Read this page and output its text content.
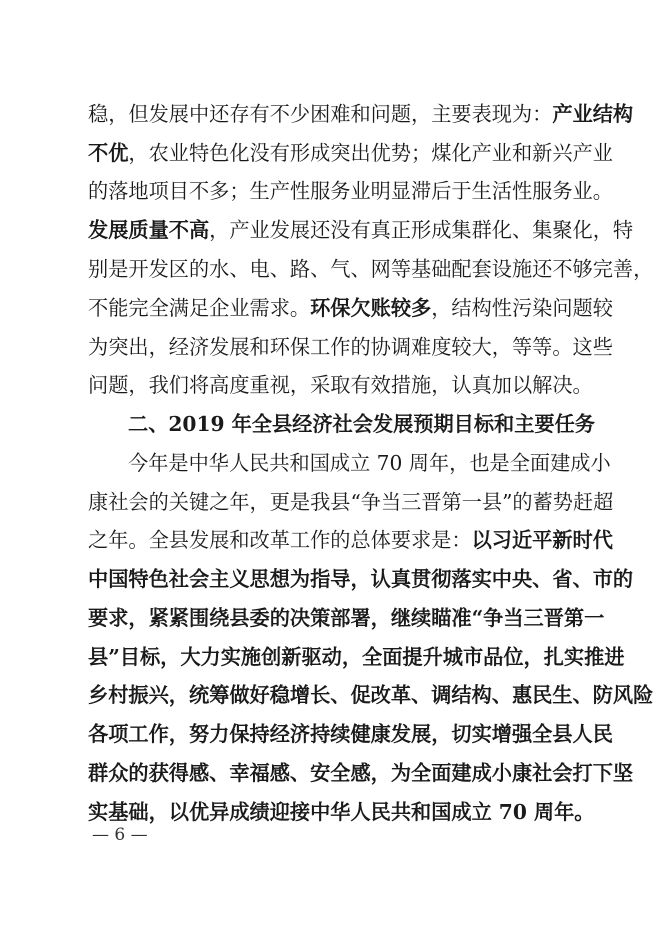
稳，但发展中还存有不少困难和问题，主要表现为：产业结构
不优，农业特色化没有形成突出优势；煤化产业和新兴产业
的落地项目不多；生产性服务业明显滞后于生活性服务业。
发展质量不高，产业发展还没有真正形成集群化、集聚化，特
别是开发区的水、电、路、气、网等基础配套设施还不够完善，
不能完全满足企业需求。环保欠账较多，结构性污染问题较
为突出，经济发展和环保工作的协调难度较大，等等。这些
问题，我们将高度重视，采取有效措施，认真加以解决。
二、2019 年全县经济社会发展预期目标和主要任务
今年是中华人民共和国成立 70 周年，也是全面建成小
康社会的关键之年，更是我县“争当三晋第一县”的蓄势赶超
之年。全县发展和改革工作的总体要求是：以习近平新时代
中国特色社会主义思想为指导，认真贯彻落实中央、省、市的
要求，紧紧围绕县委的决策部署，继续瞄准“争当三晋第一
县”目标，大力实施创新驱动，全面提升城市品位，扎实推进
乡村振兴，统筹做好稳增长、促改革、调结构、惠民生、防风险
各项工作，努力保持经济持续健康发展，切实增强全县人民
群众的获得感、幸福感、安全感，为全面建成小康社会打下坚
实基础，以优异成绩迎接中华人民共和国成立 70 周年。
— 6 —
